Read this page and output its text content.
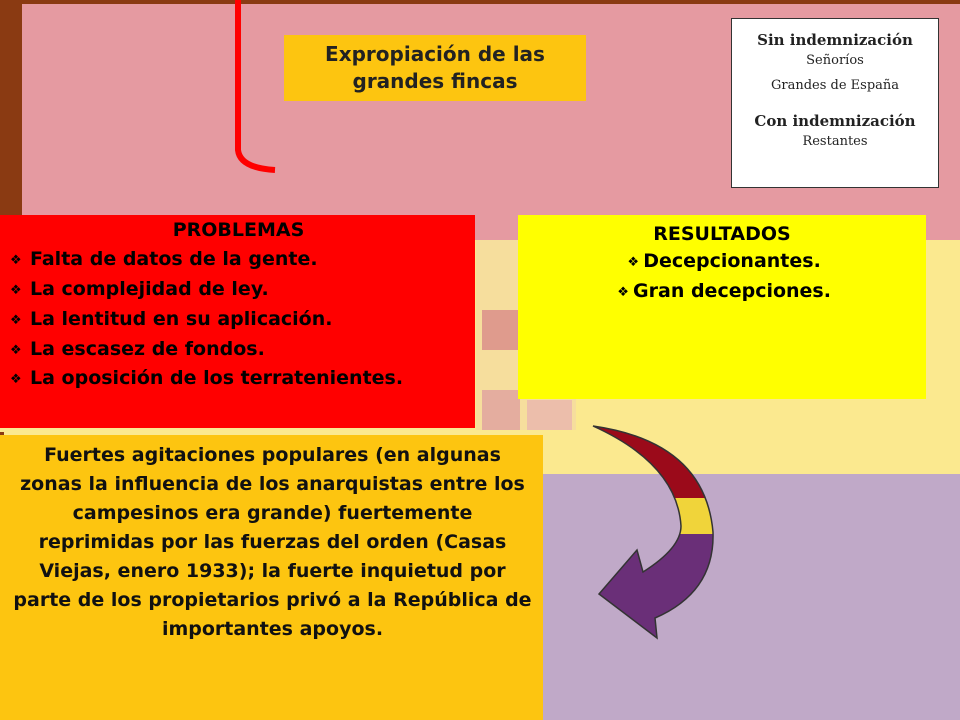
Expropiación de las grandes fincas
Sin indemnización
Señoríos
Grandes de España
Con indemnización
Restantes
PROBLEMAS
❖ Falta de datos de la gente.
❖ La complejidad de ley.
❖ La lentitud en su aplicación.
❖ La escasez de fondos.
❖ La oposición de los terratenientes.
RESULTADOS
❖ Decepcionantes.
❖ Gran decepciones.
Fuertes agitaciones populares (en algunas zonas la influencia de los anarquistas entre los campesinos era grande) fuertemente reprimidas por las fuerzas del orden (Casas Viejas, enero 1933); la fuerte inquietud por parte de los propietarios privó a la República de importantes apoyos.
